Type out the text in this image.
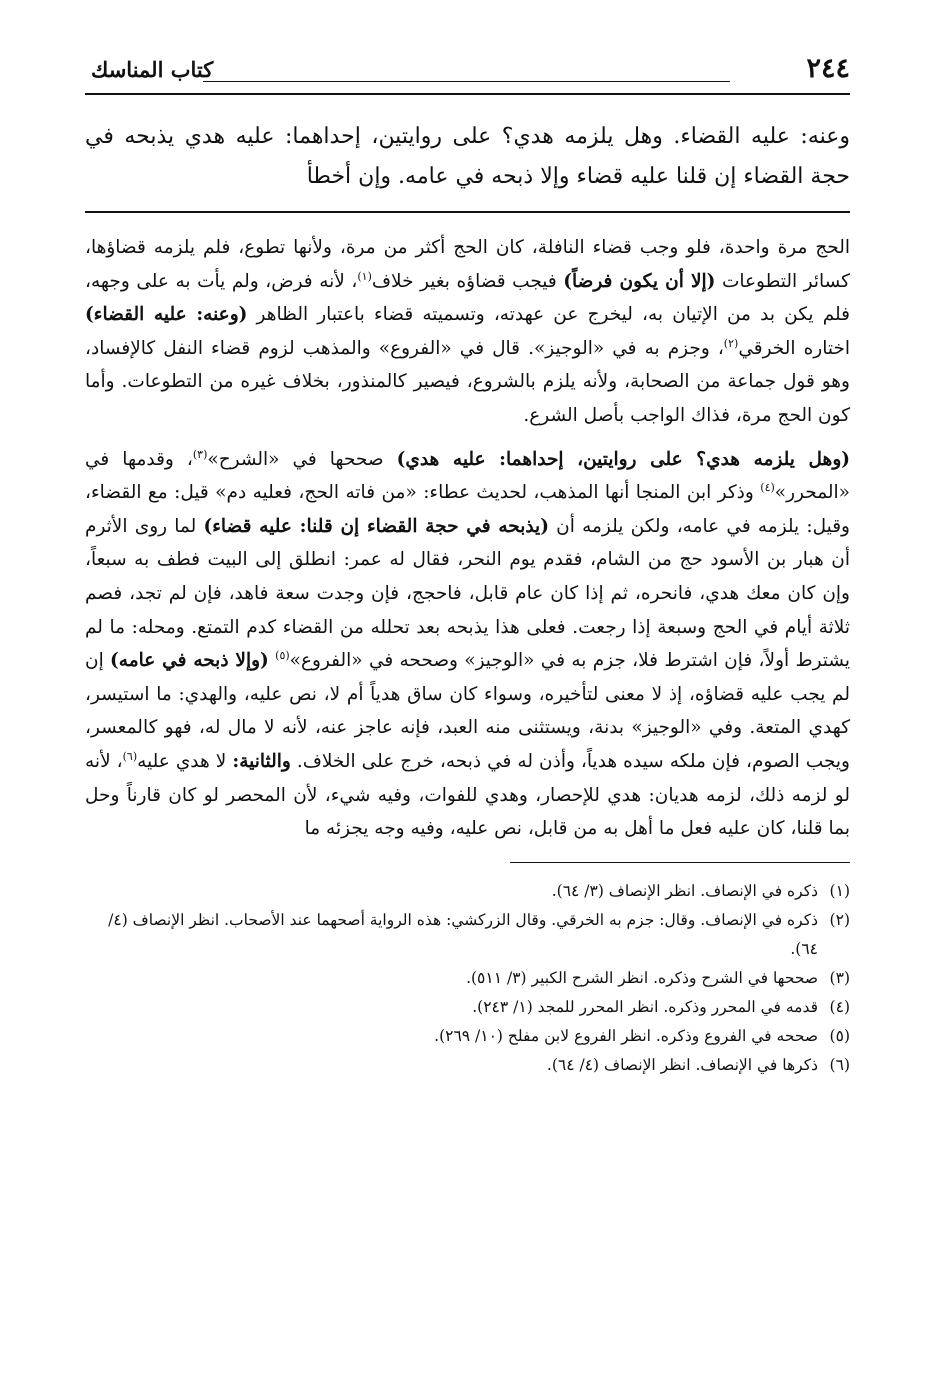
٢٤٤
كتاب المناسك
وعنه: عليه القضاء. وهل يلزمه هدي؟ على روايتين، إحداهما: عليه هدي يذبحه في حجة القضاء إن قلنا عليه قضاء وإلا ذبحه في عامه. وإن أخطأ

الحج مرة واحدة، فلو وجب قضاء النافلة، كان الحج أكثر من مرة، ولأنها تطوع، فلم يلزمه قضاؤها، كسائر التطوعات (إلا أن يكون فرضاً) فيجب قضاؤه بغير خلاف$^{(١)}$، لأنه فرض، ولم يأت به على وجهه، فلم يكن بد من الإتيان به، ليخرج عن عهدته، وتسميته قضاء باعتبار الظاهر (وعنه: عليه القضاء) اختاره الخرقي$^{(٢)}$، وجزم به في «الوجيز». قال في «الفروع» والمذهب لزوم قضاء النفل كالإفساد، وهو قول جماعة من الصحابة، ولأنه يلزم بالشروع، فيصير كالمنذور، بخلاف غيره من التطوعات. وأما كون الحج مرة، فذاك الواجب بأصل الشرع.

(وهل يلزمه هدي؟ على روايتين، إحداهما: عليه هدي) صححها في «الشرح»$^{(٣)}$، وقدمها في «المحرر»$^{(٤)}$ وذكر ابن المنجا أنها المذهب، لحديث عطاء: «من فاته الحج، فعليه دم» قيل: مع القضاء، وقيل: يلزمه في عامه، ولكن يلزمه أن (يذبحه في حجة القضاء إن قلنا: عليه قضاء) لما روى الأثرم أن هبار بن الأسود حج من الشام، فقدم يوم النحر، فقال له عمر: انطلق إلى البيت فطف به سبعاً، وإن كان معك هدي، فانحره، ثم إذا كان عام قابل، فاحجج، فإن وجدت سعة فاهد، فإن لم تجد، فصم ثلاثة أيام في الحج وسبعة إذا رجعت. فعلى هذا يذبحه بعد تحلله من القضاء كدم التمتع. ومحله: ما لم يشترط أولاً، فإن اشترط فلا، جزم به في «الوجيز» وصححه في «الفروع»$^{(٥)}$ (وإلا ذبحه في عامه) إن لم يجب عليه قضاؤه، إذ لا معنى لتأخيره، وسواء كان ساق هدياً أم لا، نص عليه، والهدي: ما استيسر، كهدي المتعة. وفي «الوجيز» بدنة، ويستثنى منه العبد، فإنه عاجز عنه، لأنه لا مال له، فهو كالمعسر، ويجب الصوم، فإن ملكه سيده هدياً، وأذن له في ذبحه، خرج على الخلاف. والثانية: لا هدي عليه$^{(٦)}$، لأنه لو لزمه ذلك، لزمه هديان: هدي للإحصار، وهدي للفوات، وفيه شيء، لأن المحصر لو كان قارناً وحل بما قلنا، كان عليه فعل ما أهل به من قابل، نص عليه، وفيه وجه يجزئه ما

(١)
ذكره في الإنصاف. انظر الإنصاف (٣/ ٦٤).
(٢)
ذكره في الإنصاف. وقال: جزم به الخرقي. وقال الزركشي: هذه الرواية أصحهما عند الأصحاب. انظر الإنصاف (٤/ ٦٤).
(٣)
صححها في الشرح وذكره. انظر الشرح الكبير (٣/ ٥١١).
(٤)
قدمه في المحرر وذكره. انظر المحرر للمجد (١/ ٢٤٣).
(٥)
صححه في الفروع وذكره. انظر الفروع لابن مفلح (١٠/ ٢٦٩).
(٦)
ذكرها في الإنصاف. انظر الإنصاف (٤/ ٦٤).
